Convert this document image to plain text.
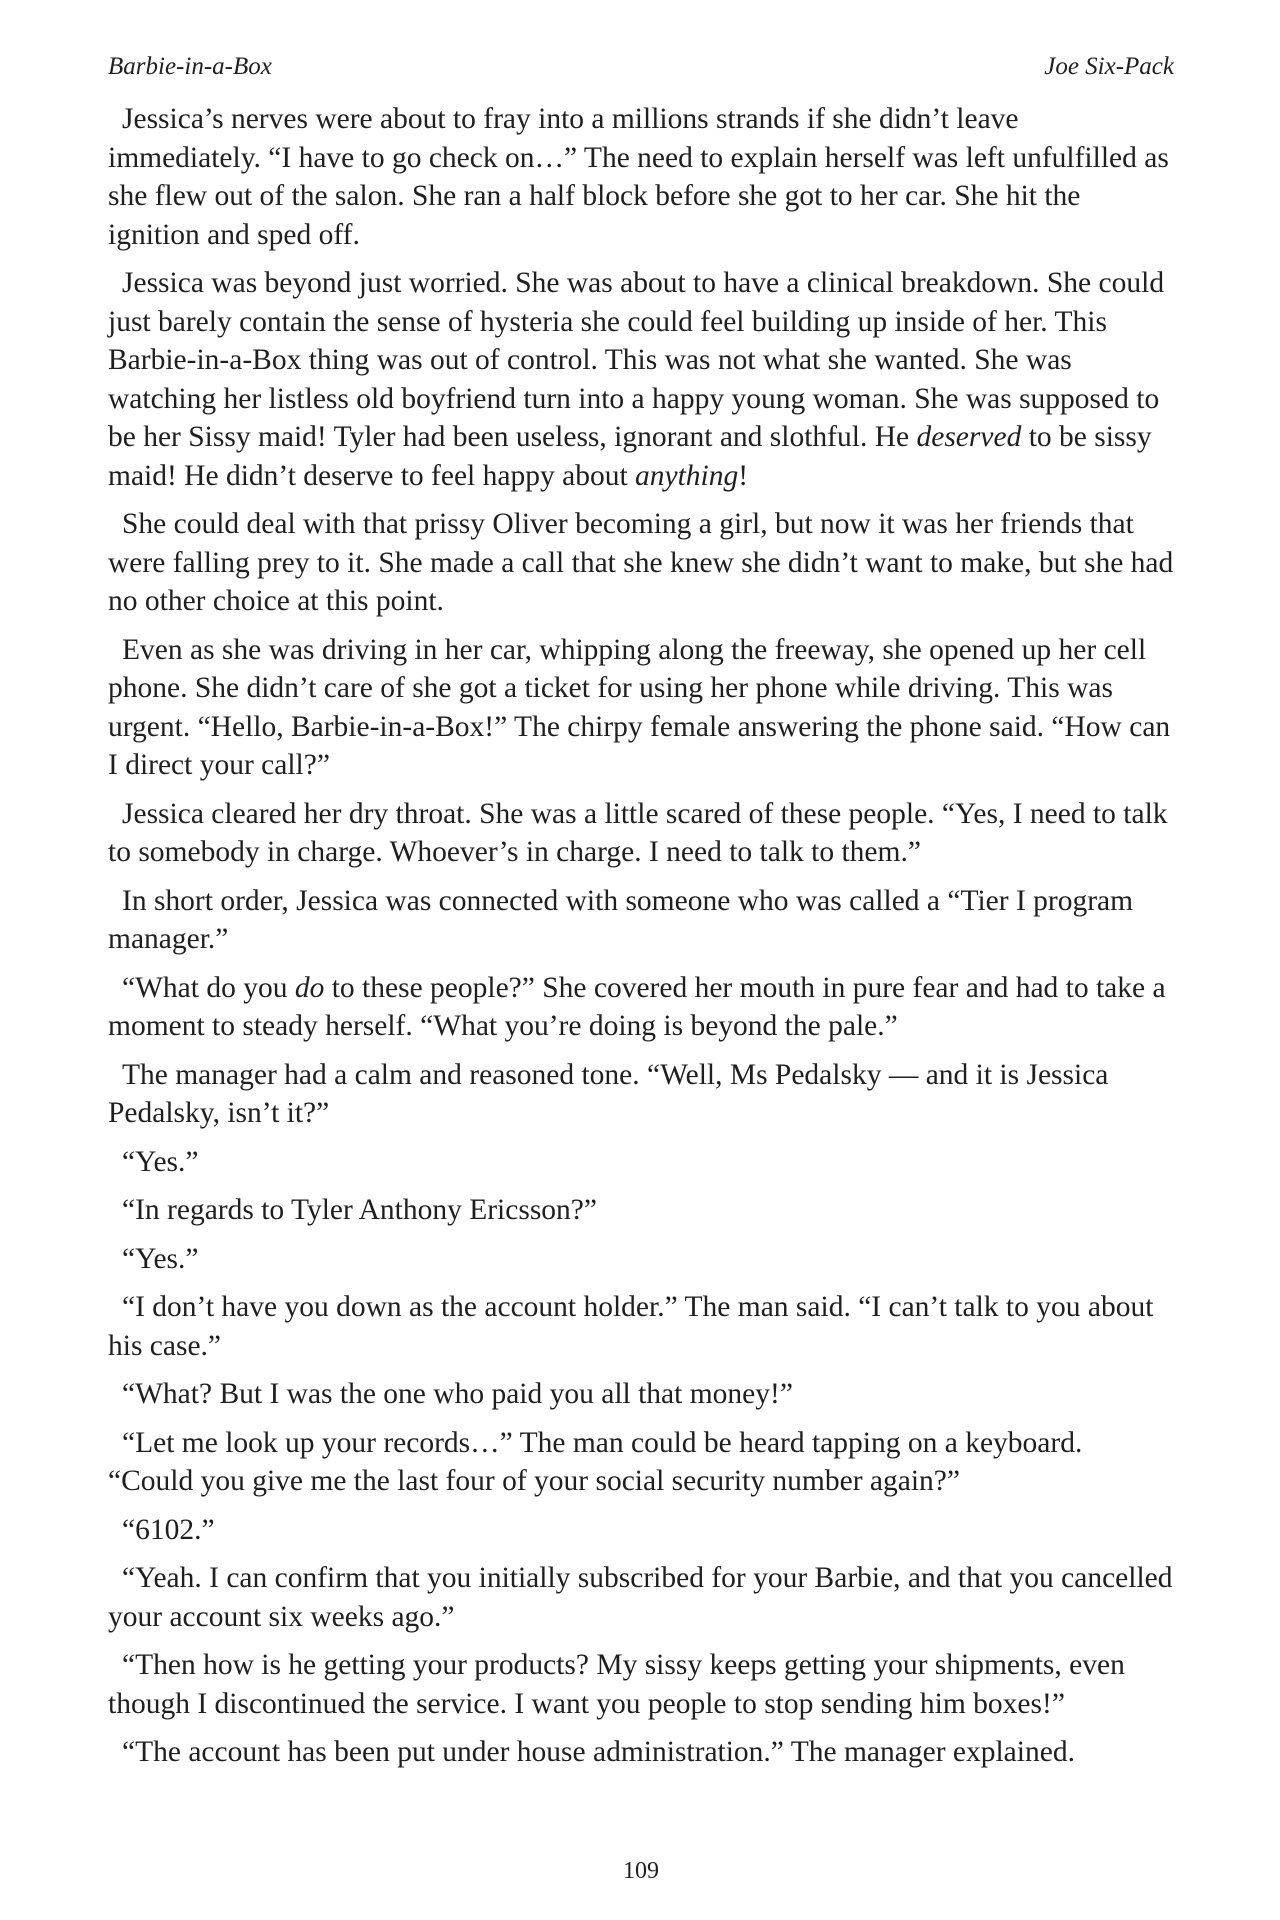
Barbie-in-a-Box	Joe Six-Pack

Jessica’s nerves were about to fray into a millions strands if she didn’t leave immediately. “I have to go check on…” The need to explain herself was left unfulfilled as she flew out of the salon. She ran a half block before she got to her car. She hit the ignition and sped off.

Jessica was beyond just worried. She was about to have a clinical breakdown. She could just barely contain the sense of hysteria she could feel building up inside of her. This Barbie-in-a-Box thing was out of control. This was not what she wanted. She was watching her listless old boyfriend turn into a happy young woman. She was supposed to be her Sissy maid! Tyler had been useless, ignorant and slothful. He deserved to be sissy maid! He didn’t deserve to feel happy about anything!

She could deal with that prissy Oliver becoming a girl, but now it was her friends that were falling prey to it. She made a call that she knew she didn’t want to make, but she had no other choice at this point.

Even as she was driving in her car, whipping along the freeway, she opened up her cell phone. She didn’t care of she got a ticket for using her phone while driving. This was urgent. “Hello, Barbie-in-a-Box!” The chirpy female answering the phone said. “How can I direct your call?”

Jessica cleared her dry throat. She was a little scared of these people. “Yes, I need to talk to somebody in charge. Whoever’s in charge. I need to talk to them.”

In short order, Jessica was connected with someone who was called a “Tier I program manager.”

“What do you do to these people?” She covered her mouth in pure fear and had to take a moment to steady herself. “What you’re doing is beyond the pale.”

The manager had a calm and reasoned tone. “Well, Ms Pedalsky — and it is Jessica Pedalsky, isn’t it?”

“Yes.”

“In regards to Tyler Anthony Ericsson?”

“Yes.”

“I don’t have you down as the account holder.” The man said. “I can’t talk to you about his case.”

“What? But I was the one who paid you all that money!”

“Let me look up your records…” The man could be heard tapping on a keyboard. “Could you give me the last four of your social security number again?”

“6102.”

“Yeah. I can confirm that you initially subscribed for your Barbie, and that you cancelled your account six weeks ago.”

“Then how is he getting your products? My sissy keeps getting your shipments, even though I discontinued the service. I want you people to stop sending him boxes!”

“The account has been put under house administration.” The manager explained.

109
